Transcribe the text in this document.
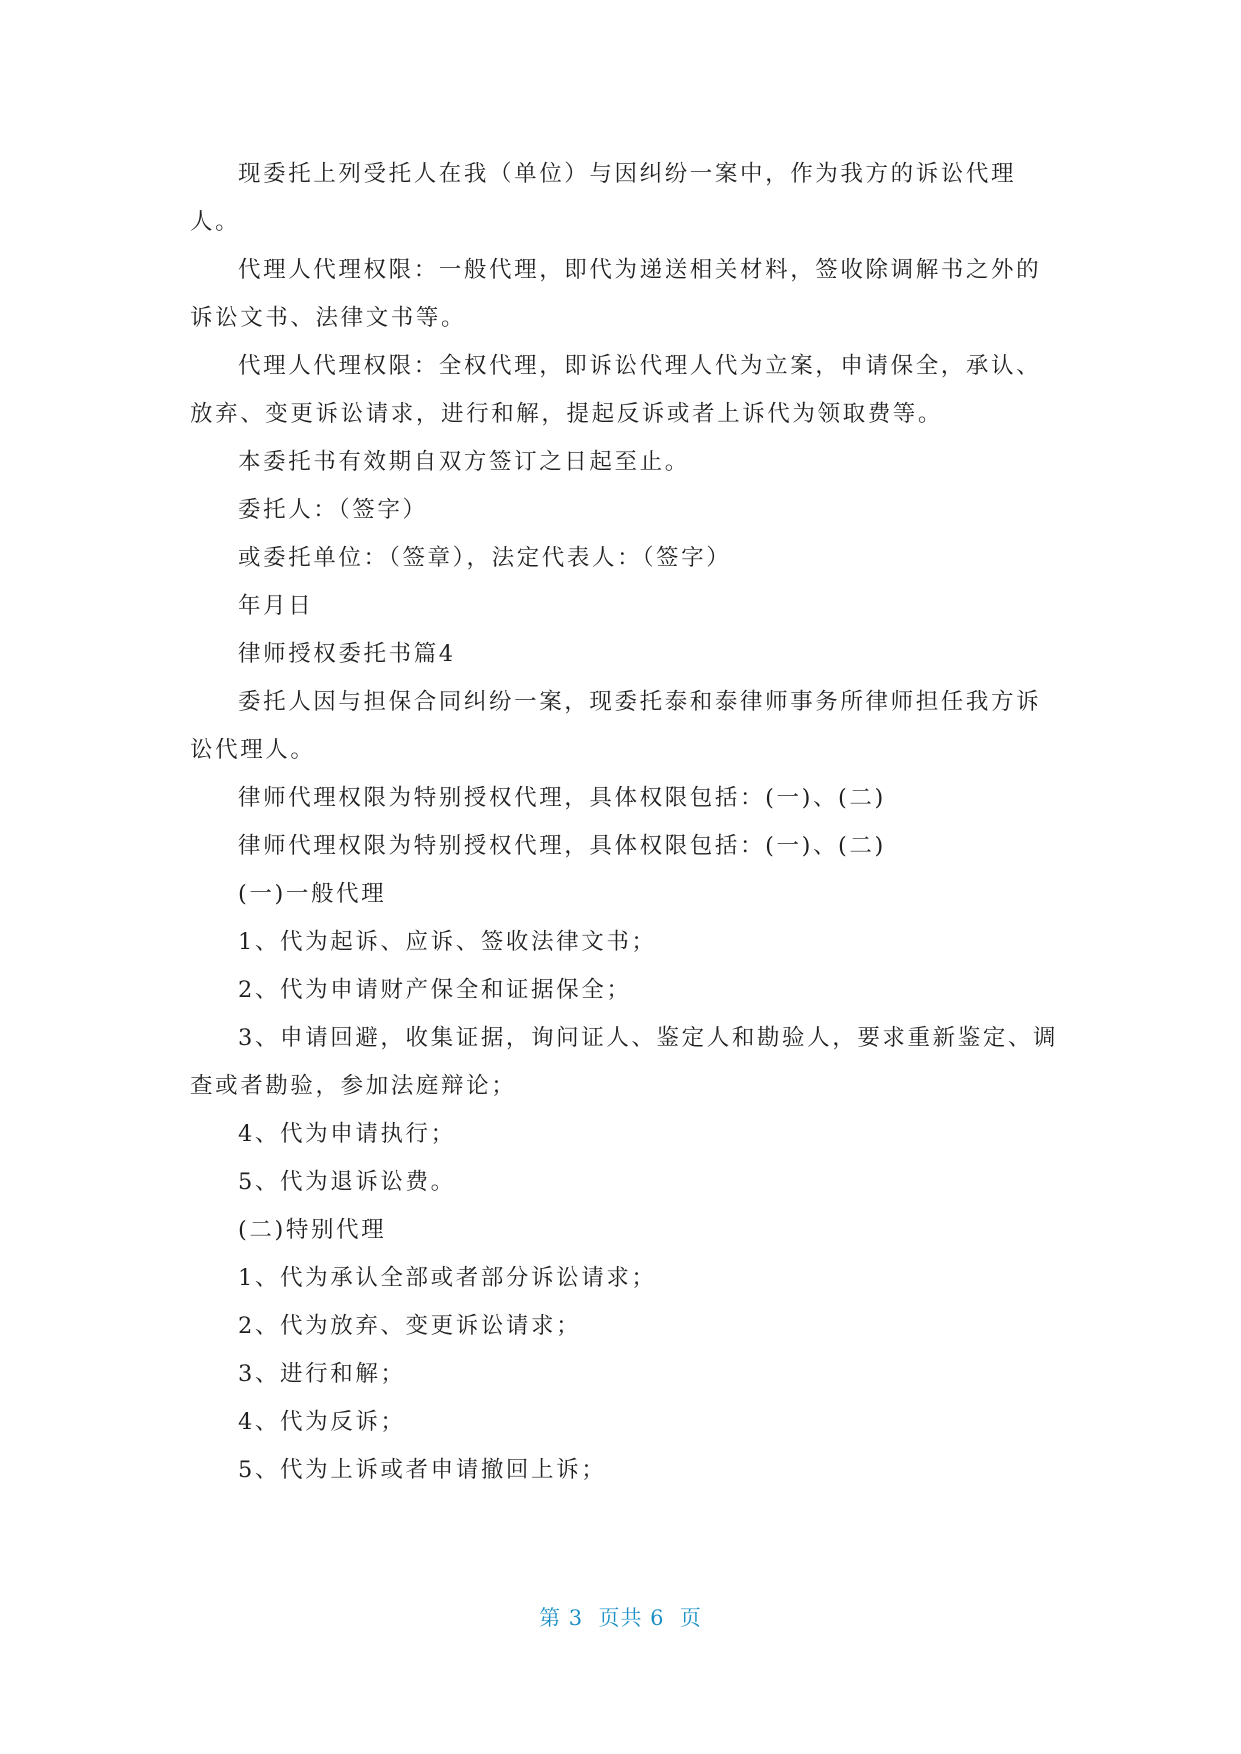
现委托上列受托人在我（单位）与因纠纷一案中，作为我方的诉讼代理

人。

代理人代理权限：一般代理，即代为递送相关材料，签收除调解书之外的

诉讼文书、法律文书等。

代理人代理权限：全权代理，即诉讼代理人代为立案，申请保全，承认、

放弃、变更诉讼请求，进行和解，提起反诉或者上诉代为领取费等。

本委托书有效期自双方签订之日起至止。

委托人：（签字）

或委托单位：（签章），法定代表人：（签字）

年月日

律师授权委托书篇4

委托人因与担保合同纠纷一案，现委托泰和泰律师事务所律师担任我方诉

讼代理人。

律师代理权限为特别授权代理，具体权限包括：(一)、(二)

律师代理权限为特别授权代理，具体权限包括：(一)、(二)

(一)一般代理

1、代为起诉、应诉、签收法律文书；

2、代为申请财产保全和证据保全；

3、申请回避，收集证据，询问证人、鉴定人和勘验人，要求重新鉴定、调

查或者勘验，参加法庭辩论；

4、代为申请执行；

5、代为退诉讼费。

(二)特别代理

1、代为承认全部或者部分诉讼请求；

2、代为放弃、变更诉讼请求；

3、进行和解；

4、代为反诉；

5、代为上诉或者申请撤回上诉；

第 3  页共 6  页
